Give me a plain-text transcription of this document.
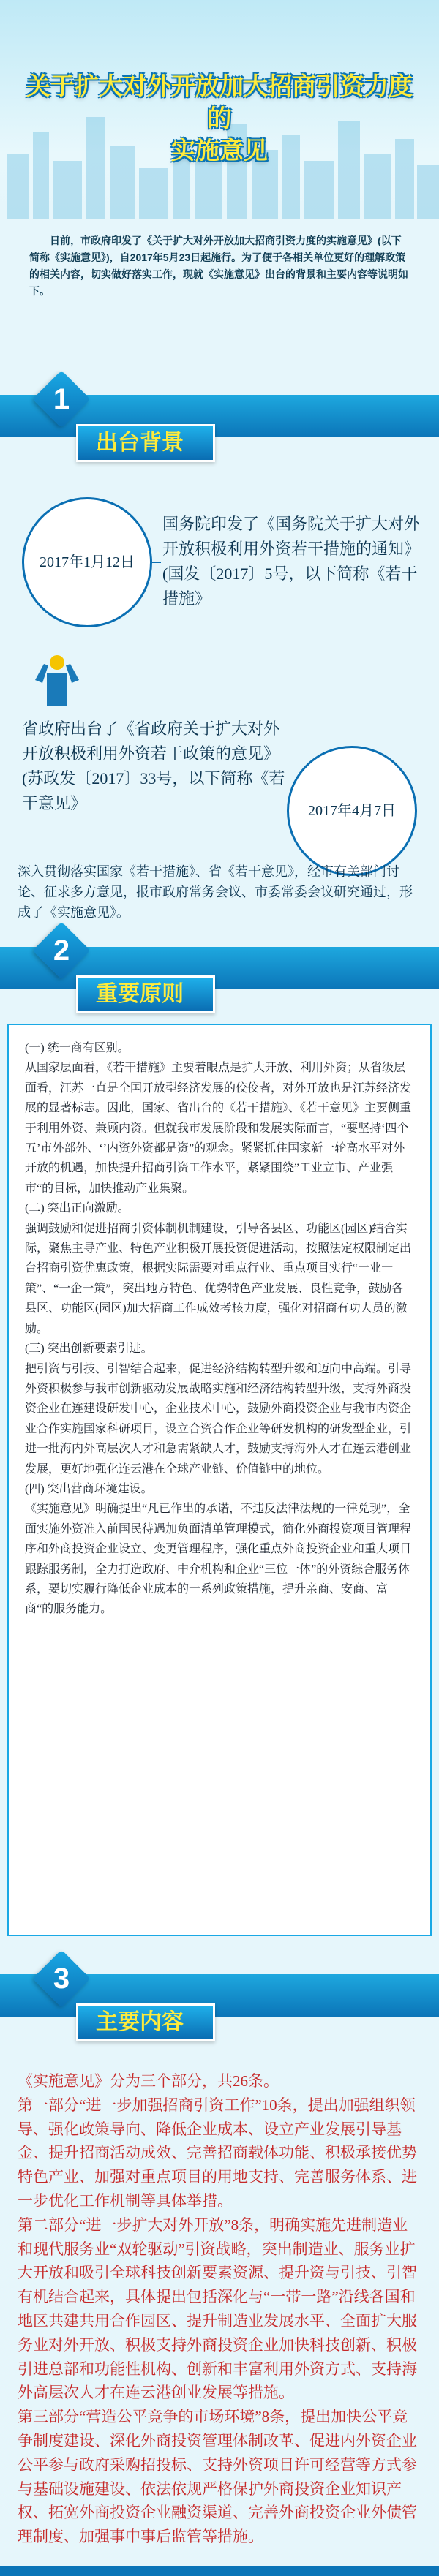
关于扩大对外开放加大招商引资力度的
实施意见

日前，市政府印发了《关于扩大对外开放加大招商引资力度的实施意见》(以下简称《实施意见》)，自2017年5月23日起施行。为了便于各相关单位更好的理解政策的相关内容，切实做好落实工作，现就《实施意见》出台的背景和主要内容等说明如下。

1
出台背景
2017年1月12日
国务院印发了《国务院关于扩大对外开放积极利用外资若干措施的通知》(国发〔2017〕5号，以下简称《若干措施》
省政府出台了《省政府关于扩大对外开放积极利用外资若干政策的意见》(苏政发〔2017〕33号，以下简称《若干意见》	2017年4月7日
深入贯彻落实国家《若干措施》、省《若干意见》，经市有关部门讨论、征求多方意见，报市政府常务会议、市委常委会议研究通过，形成了《实施意见》。
2
重要原则
(一) 统一商有区别。
从国家层面看，《若干措施》主要着眼点是扩大开放、利用外资；从省级层面看，江苏一直是全国开放型经济发展的佼佼者，对外开放也是江苏经济发展的显著标志。因此，国家、省出台的《若干措施》、《若干意见》主要侧重于利用外资、兼顾内资。但就我市发展阶段和发展实际而言，“要坚持‘四个五’市外部外、‘’内资外资都是资”的观念。紧紧抓住国家新一轮高水平对外开放的机遇，加快提升招商引资工作水平，紧紧围绕”工业立市、产业强市“的目标，加快推动产业集聚。
(二) 突出正向激励。
强调鼓励和促进招商引资体制机制建设，引导各县区、功能区(园区)结合实际，聚焦主导产业、特色产业积极开展投资促进活动，按照法定权限制定出台招商引资优惠政策，根据实际需要对重点行业、重点项目实行“一业一策”、“一企一策”，突出地方特色、优势特色产业发展、良性竞争，鼓励各县区、功能区(园区)加大招商工作成效考核力度，强化对招商有功人员的激励。
(三) 突出创新要素引进。
把引资与引技、引智结合起来，促进经济结构转型升级和迈向中高端。引导外资积极参与我市创新驱动发展战略实施和经济结构转型升级，支持外商投资企业在连建设研发中心，企业技术中心，鼓励外商投资企业与我市内资企业合作实施国家科研项目，设立合资合作企业等研发机构的研发型企业，引进一批海内外高层次人才和急需紧缺人才，鼓励支持海外人才在连云港创业发展，更好地强化连云港在全球产业链、价值链中的地位。
(四) 突出营商环境建设。
《实施意见》明确提出“凡已作出的承诺，不违反法律法规的一律兑现”，全面实施外资准入前国民待遇加负面清单管理模式，简化外商投资项目管理程序和外商投资企业设立、变更管理程序，强化重点外商投资企业和重大项目跟踪服务制，全力打造政府、中介机构和企业“三位一体”的外资综合服务体系，要切实履行降低企业成本的一系列政策措施，提升亲商、安商、富商“的服务能力。
3
主要内容

《实施意见》分为三个部分，共26条。

第一部分“进一步加强招商引资工作”10条，提出加强组织领导、强化政策导向、降低企业成本、设立产业发展引导基金、提升招商活动成效、完善招商载体功能、积极承接优势特色产业、加强对重点项目的用地支持、完善服务体系、进一步优化工作机制等具体举措。

第二部分“进一步扩大对外开放”8条，明确实施先进制造业和现代服务业“双轮驱动”引资战略，突出制造业、服务业扩大开放和吸引全球科技创新要素资源、提升资与引技、引智有机结合起来，具体提出包括深化与“一带一路”沿线各国和地区共建共用合作园区、提升制造业发展水平、全面扩大服务业对外开放、积极支持外商投资企业加快科技创新、积极引进总部和功能性机构、创新和丰富利用外资方式、支持海外高层次人才在连云港创业发展等措施。

第三部分“营造公平竞争的市场环境”8条，提出加快公平竞争制度建设、深化外商投资管理体制改革、促进内外资企业公平参与政府采购招投标、支持外资项目许可经营等方式参与基础设施建设、依法依规严格保护外商投资企业知识产权、拓宽外商投资企业融资渠道、完善外商投资企业外债管理制度、加强事中事后监管等措施。
